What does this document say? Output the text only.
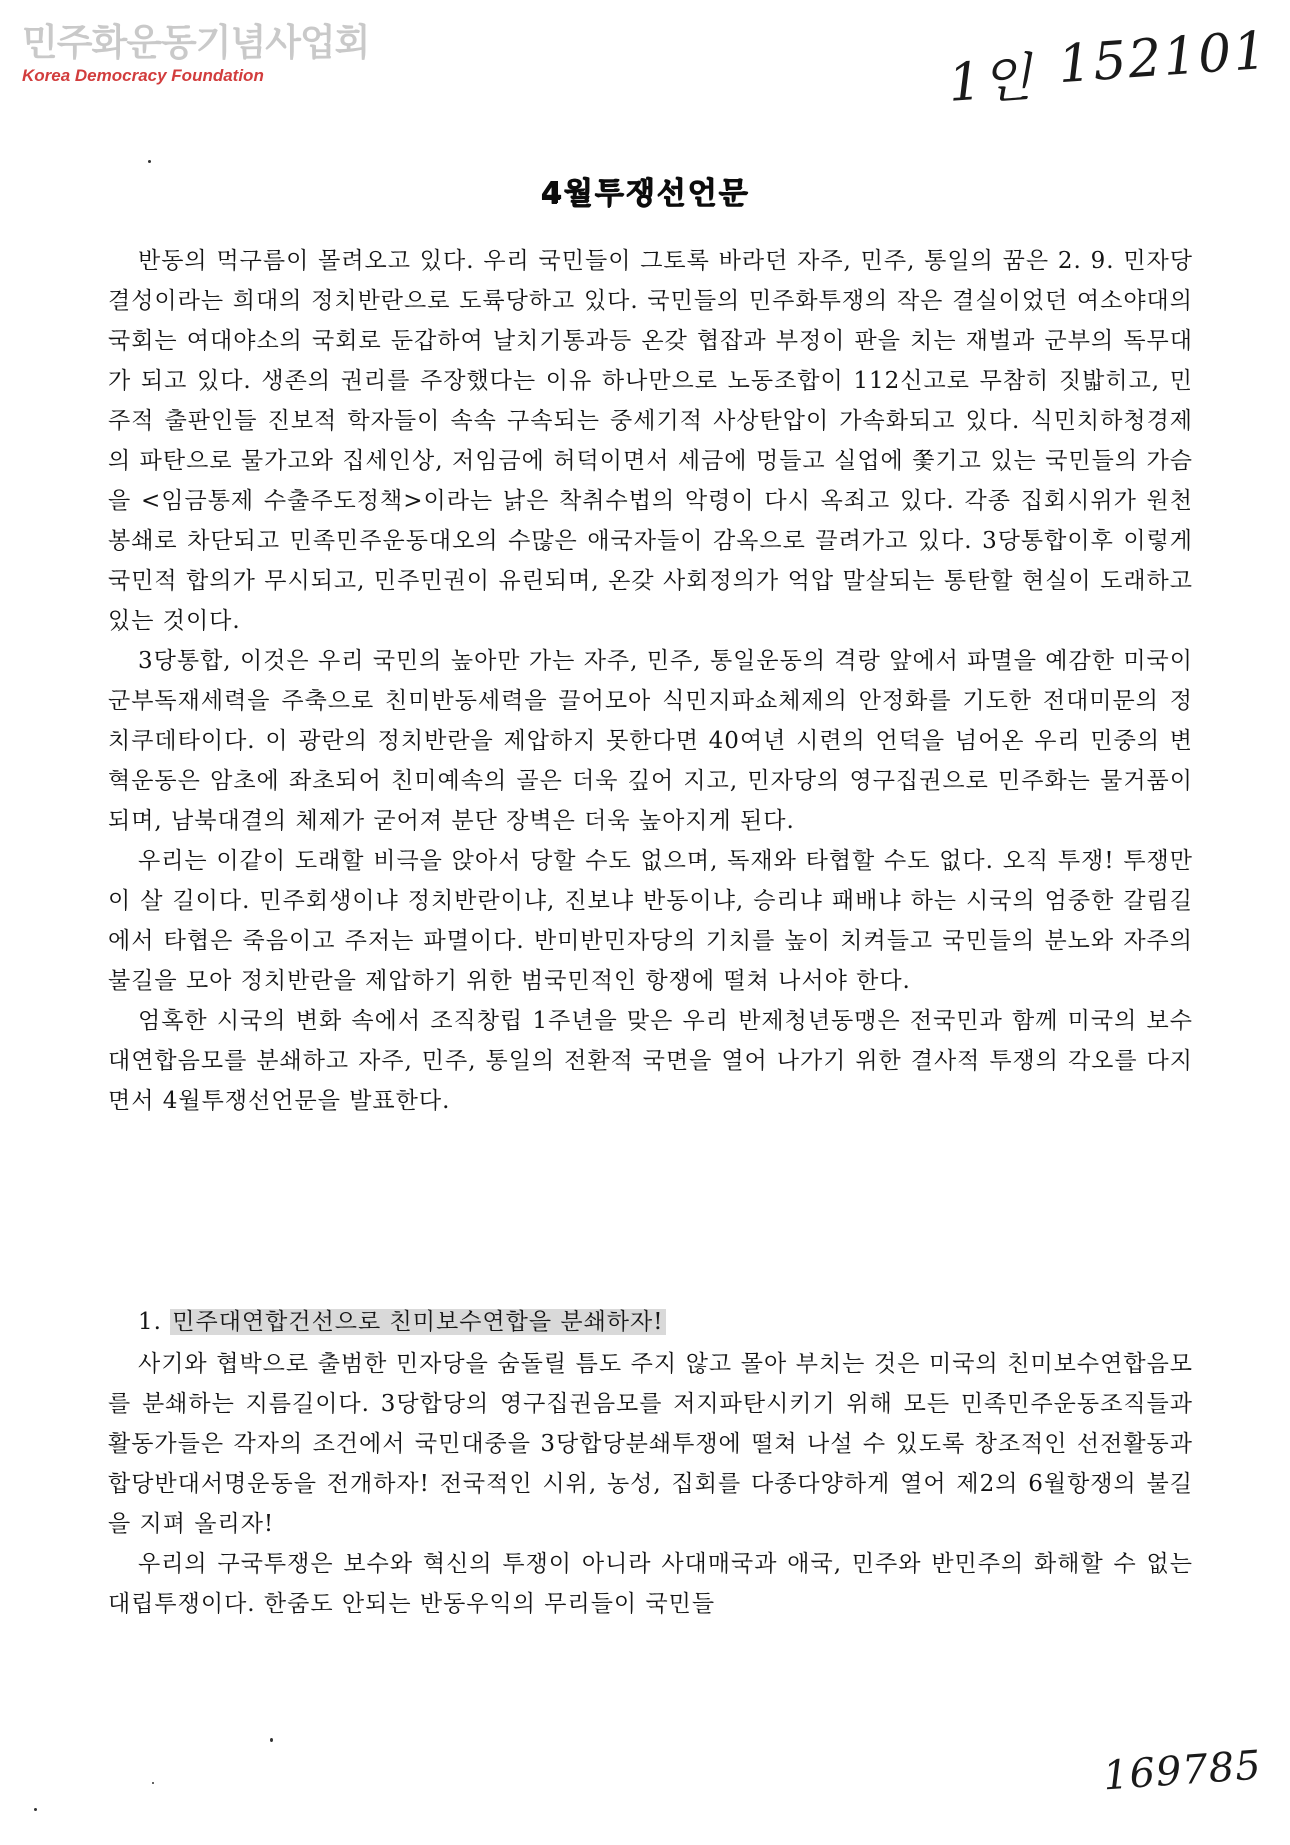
민주화운동기념사업회
Korea Democracy Foundation	1인 152101
169785
4월투쟁선언문

반동의 먹구름이 몰려오고 있다. 우리 국민들이 그토록 바라던 자주, 민주, 통일의 꿈은 2. 9. 민자당 결성이라는 희대의 정치반란으로 도륙당하고 있다. 국민들의 민주화투쟁의 작은 결실이었던 여소야대의 국회는 여대야소의 국회로 둔갑하여 날치기통과등 온갖 협잡과 부정이 판을 치는 재벌과 군부의 독무대가 되고 있다. 생존의 권리를 주장했다는 이유 하나만으로 노동조합이 112신고로 무참히 짓밟히고, 민주적 출판인들 진보적 학자들이 속속 구속되는 중세기적 사상탄압이 가속화되고 있다. 식민치하청경제의 파탄으로 물가고와 집세인상, 저임금에 허덕이면서 세금에 멍들고 실업에 쫓기고 있는 국민들의 가슴을 <임금통제 수출주도정책>이라는 낡은 착취수법의 악령이 다시 옥죄고 있다. 각종 집회시위가 원천봉쇄로 차단되고 민족민주운동대오의 수많은 애국자들이 감옥으로 끌려가고 있다. 3당통합이후 이렇게 국민적 합의가 무시되고, 민주민권이 유린되며, 온갖 사회정의가 억압 말살되는 통탄할 현실이 도래하고 있는 것이다.

3당통합, 이것은 우리 국민의 높아만 가는 자주, 민주, 통일운동의 격랑 앞에서 파멸을 예감한 미국이 군부독재세력을 주축으로 친미반동세력을 끌어모아 식민지파쇼체제의 안정화를 기도한 전대미문의 정치쿠데타이다. 이 광란의 정치반란을 제압하지 못한다면 40여년 시련의 언덕을 넘어온 우리 민중의 변혁운동은 암초에 좌초되어 친미예속의 골은 더욱 깊어 지고, 민자당의 영구집권으로 민주화는 물거품이 되며, 남북대결의 체제가 굳어져 분단 장벽은 더욱 높아지게 된다.

우리는 이같이 도래할 비극을 앉아서 당할 수도 없으며, 독재와 타협할 수도 없다. 오직 투쟁! 투쟁만이 살 길이다. 민주회생이냐 정치반란이냐, 진보냐 반동이냐, 승리냐 패배냐 하는 시국의 엄중한 갈림길에서 타협은 죽음이고 주저는 파멸이다. 반미반민자당의 기치를 높이 치켜들고 국민들의 분노와 자주의 불길을 모아 정치반란을 제압하기 위한 범국민적인 항쟁에 떨쳐 나서야 한다.

엄혹한 시국의 변화 속에서 조직창립 1주년을 맞은 우리 반제청년동맹은 전국민과 함께 미국의 보수대연합음모를 분쇄하고 자주, 민주, 통일의 전환적 국면을 열어 나가기 위한 결사적 투쟁의 각오를 다지면서 4월투쟁선언문을 발표한다.

1. 민주대연합건선으로 친미보수연합을 분쇄하자!

사기와 협박으로 출범한 민자당을 숨돌릴 틈도 주지 않고 몰아 부치는 것은 미국의 친미보수연합음모를 분쇄하는 지름길이다. 3당합당의 영구집권음모를 저지파탄시키기 위해 모든 민족민주운동조직들과 활동가들은 각자의 조건에서 국민대중을 3당합당분쇄투쟁에 떨쳐 나설 수 있도록 창조적인 선전활동과 합당반대서명운동을 전개하자! 전국적인 시위, 농성, 집회를 다종다양하게 열어 제2의 6월항쟁의 불길을 지펴 올리자!

우리의 구국투쟁은 보수와 혁신의 투쟁이 아니라 사대매국과 애국, 민주와 반민주의 화해할 수 없는 대립투쟁이다. 한줌도 안되는 반동우익의 무리들이 국민들
